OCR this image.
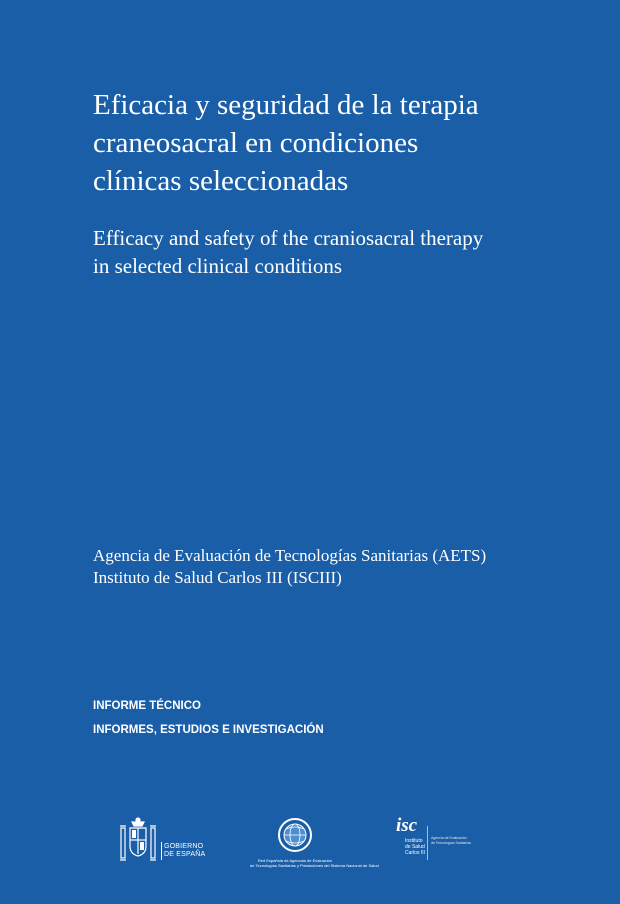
Eficacia y seguridad de la terapia
craneosacral en condiciones
clínicas seleccionadas
Efficacy and safety of the craniosacral therapy
in selected clinical conditions
Agencia de Evaluación de Tecnologías Sanitarias (AETS)
Instituto de Salud Carlos III (ISCIII)
INFORME TÉCNICO
INFORMES, ESTUDIOS E INVESTIGACIÓN
GOBIERNO
DE ESPAÑA
Red Española de Agencias de Evaluación
de Tecnologías Sanitarias y Prestaciones del Sistema Nacional de Salud
isc
Instituto
de Salud
Carlos III
Agencia de Evaluación
de Tecnologías Sanitarias
